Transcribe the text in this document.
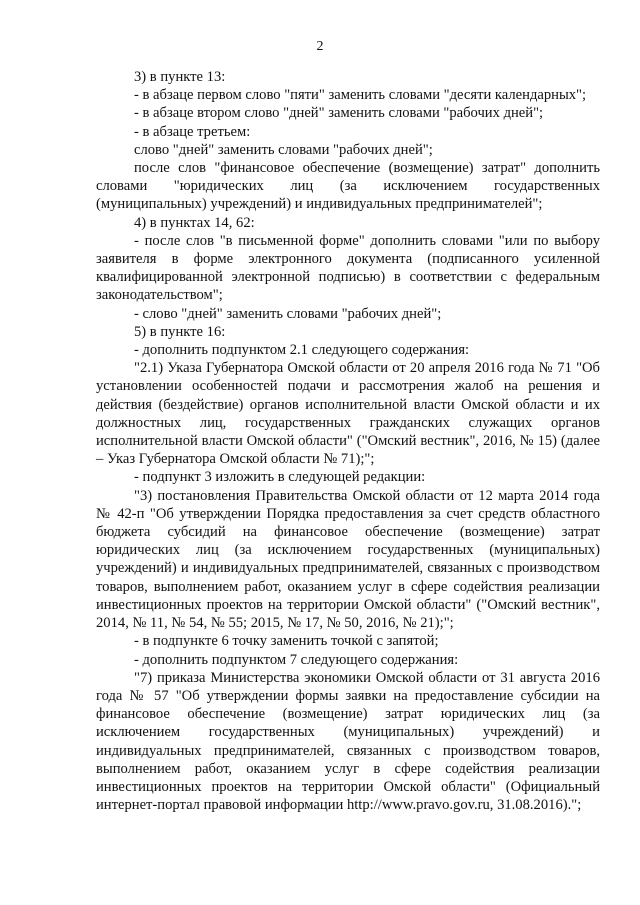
2

3) в пункте 13:

- в абзаце первом слово "пяти" заменить словами "десяти календарных";

- в абзаце втором слово "дней" заменить словами "рабочих дней";

- в абзаце третьем:

слово "дней" заменить словами "рабочих дней";

после слов "финансовое обеспечение (возмещение) затрат" дополнить словами "юридических лиц (за исключением государственных (муниципальных) учреждений) и индивидуальных предпринимателей";

4) в пунктах 14, 62:

- после слов "в письменной форме" дополнить словами "или по выбору заявителя в форме электронного документа (подписанного усиленной квалифицированной электронной подписью) в соответствии с федеральным законодательством";

- слово "дней" заменить словами "рабочих дней";

5) в пункте 16:

- дополнить подпунктом 2.1 следующего содержания:

"2.1) Указа Губернатора Омской области от 20 апреля 2016 года № 71 "Об установлении особенностей подачи и рассмотрения жалоб на решения и действия (бездействие) органов исполнительной власти Омской области и их должностных лиц, государственных гражданских служащих органов исполнительной власти Омской области" ("Омский вестник", 2016, № 15) (далее – Указ Губернатора Омской области № 71);";

- подпункт 3 изложить в следующей редакции:

"3) постановления Правительства Омской области от 12 марта 2014 года № 42-п "Об утверждении Порядка предоставления за счет средств областного бюджета субсидий на финансовое обеспечение (возмещение) затрат юридических лиц (за исключением государственных (муниципальных) учреждений) и индивидуальных предпринимателей, связанных с производством товаров, выполнением работ, оказанием услуг в сфере содействия реализации инвестиционных проектов на территории Омской области" ("Омский вестник", 2014, № 11, № 54, № 55; 2015, № 17, № 50, 2016, № 21);";

- в подпункте 6 точку заменить точкой с запятой;

- дополнить подпунктом 7 следующего содержания:

"7) приказа Министерства экономики Омской области от 31 августа 2016 года № 57 "Об утверждении формы заявки на предоставление субсидии на финансовое обеспечение (возмещение) затрат юридических лиц (за исключением государственных (муниципальных) учреждений) и индивидуальных предпринимателей, связанных с производством товаров, выполнением работ, оказанием услуг в сфере содействия реализации инвестиционных проектов на территории Омской области" (Официальный интернет-портал правовой информации http://www.pravo.gov.ru, 31.08.2016).";
